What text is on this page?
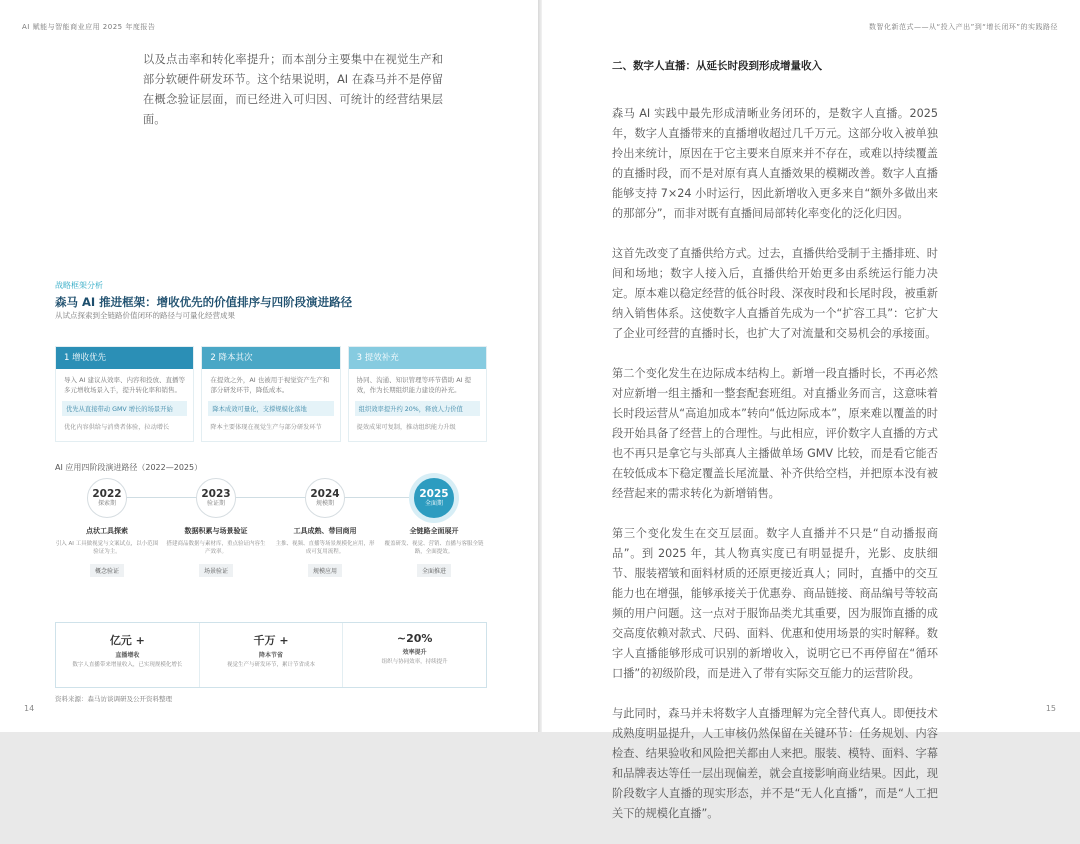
AI 赋能与智能商业应用 2025 年度报告

以及点击率和转化率提升；而本剖分主要集中在视觉生产和部分软硬件研发环节。这个结果说明，AI 在森马并不是停留在概念验证层面，而已经进入可归因、可统计的经营结果层面。

战略框架分析
森马 AI 推进框架：增收优先的价值排序与四阶段演进路径
从试点探索到全链路价值闭环的路径与可量化经营成果
1 增收优先
导入 AI 建议从效率、内容和投放、直播等多元增收场景入手，提升转化率和销售。
优先从直接带动 GMV 增长的场景开始
优化内容供给与消费者体验，拉动增长
2 降本其次
在提效之外，AI 也被用于视觉资产生产和部分研发环节，降低成本。
降本成效可量化，支撑规模化落地
降本主要体现在视觉生产与部分研发环节
3 提效补充
协同、沟通、知识管理等环节借助 AI 提效，作为长期组织能力建设的补充。
组织效率提升约 20%，释放人力价值
提效成果可复制，推动组织能力升级
AI 应用四阶段演进路径（2022—2025）
2022
探索期
点状工具探索
引入 AI 工具做视觉与文案试点，以小范围验证为主。
概念验证
2023
验证期
数据积累与场景验证
搭建商品数据与素材库，重点验证内容生产效率。
场景验证
2024
规模期
工具成熟、带回商用
主推、视频、直播等场景规模化应用，形成可复用流程。
规模应用
2025
全面期
全链路全面展开
覆盖研发、视觉、营销、直播与客服全链路，全面提效。
全面推进
亿元 +
直播增收
数字人直播带来增量收入，已实现规模化增长
千万 +
降本节省
视觉生产与研发环节，累计节省成本
~20%
效率提升
组织与协同效率，持续提升
资料来源：森马访谈调研及公开资料整理
14
数智化新范式——从“投入产出”到“增长闭环”的实践路径
15
二、数字人直播：从延长时段到形成增量收入

森马 AI 实践中最先形成清晰业务闭环的，是数字人直播。2025 年，数字人直播带来的直播增收超过几千万元。这部分收入被单独拎出来统计，原因在于它主要来自原来并不存在，或难以持续覆盖的直播时段，而不是对原有真人直播效果的模糊改善。数字人直播能够支持 7×24 小时运行，因此新增收入更多来自“额外多做出来的那部分”，而非对既有直播间局部转化率变化的泛化归因。

这首先改变了直播供给方式。过去，直播供给受制于主播排班、时间和场地；数字人接入后，直播供给开始更多由系统运行能力决定。原本难以稳定经营的低谷时段、深夜时段和长尾时段，被重新纳入销售体系。这使数字人直播首先成为一个“扩容工具”：它扩大了企业可经营的直播时长，也扩大了对流量和交易机会的承接面。

第二个变化发生在边际成本结构上。新增一段直播时长，不再必然对应新增一组主播和一整套配套班组。对直播业务而言，这意味着长时段运营从“高追加成本”转向“低边际成本”，原来难以覆盖的时段开始具备了经营上的合理性。与此相应，评价数字人直播的方式也不再只是拿它与头部真人主播做单场 GMV 比较，而是看它能否在较低成本下稳定覆盖长尾流量、补齐供给空档，并把原本没有被经营起来的需求转化为新增销售。

第三个变化发生在交互层面。数字人直播并不只是“自动播报商品”。到 2025 年，其人物真实度已有明显提升，光影、皮肤细节、服装褶皱和面料材质的还原更接近真人；同时，直播中的交互能力也在增强，能够承接关于优惠券、商品链接、商品编号等较高频的用户问题。这一点对于服饰品类尤其重要，因为服饰直播的成交高度依赖对款式、尺码、面料、优惠和使用场景的实时解释。数字人直播能够形成可识别的新增收入，说明它已不再停留在“循环口播”的初级阶段，而是进入了带有实际交互能力的运营阶段。

与此同时，森马并未将数字人直播理解为完全替代真人。即便技术成熟度明显提升，人工审核仍然保留在关键环节：任务规划、内容检查、结果验收和风险把关都由人来把。服装、模特、面料、字幕和品牌表达等任一层出现偏差，就会直接影响商业结果。因此，现阶段数字人直播的现实形态，并不是“无人化直播”，而是“人工把关下的规模化直播”。
